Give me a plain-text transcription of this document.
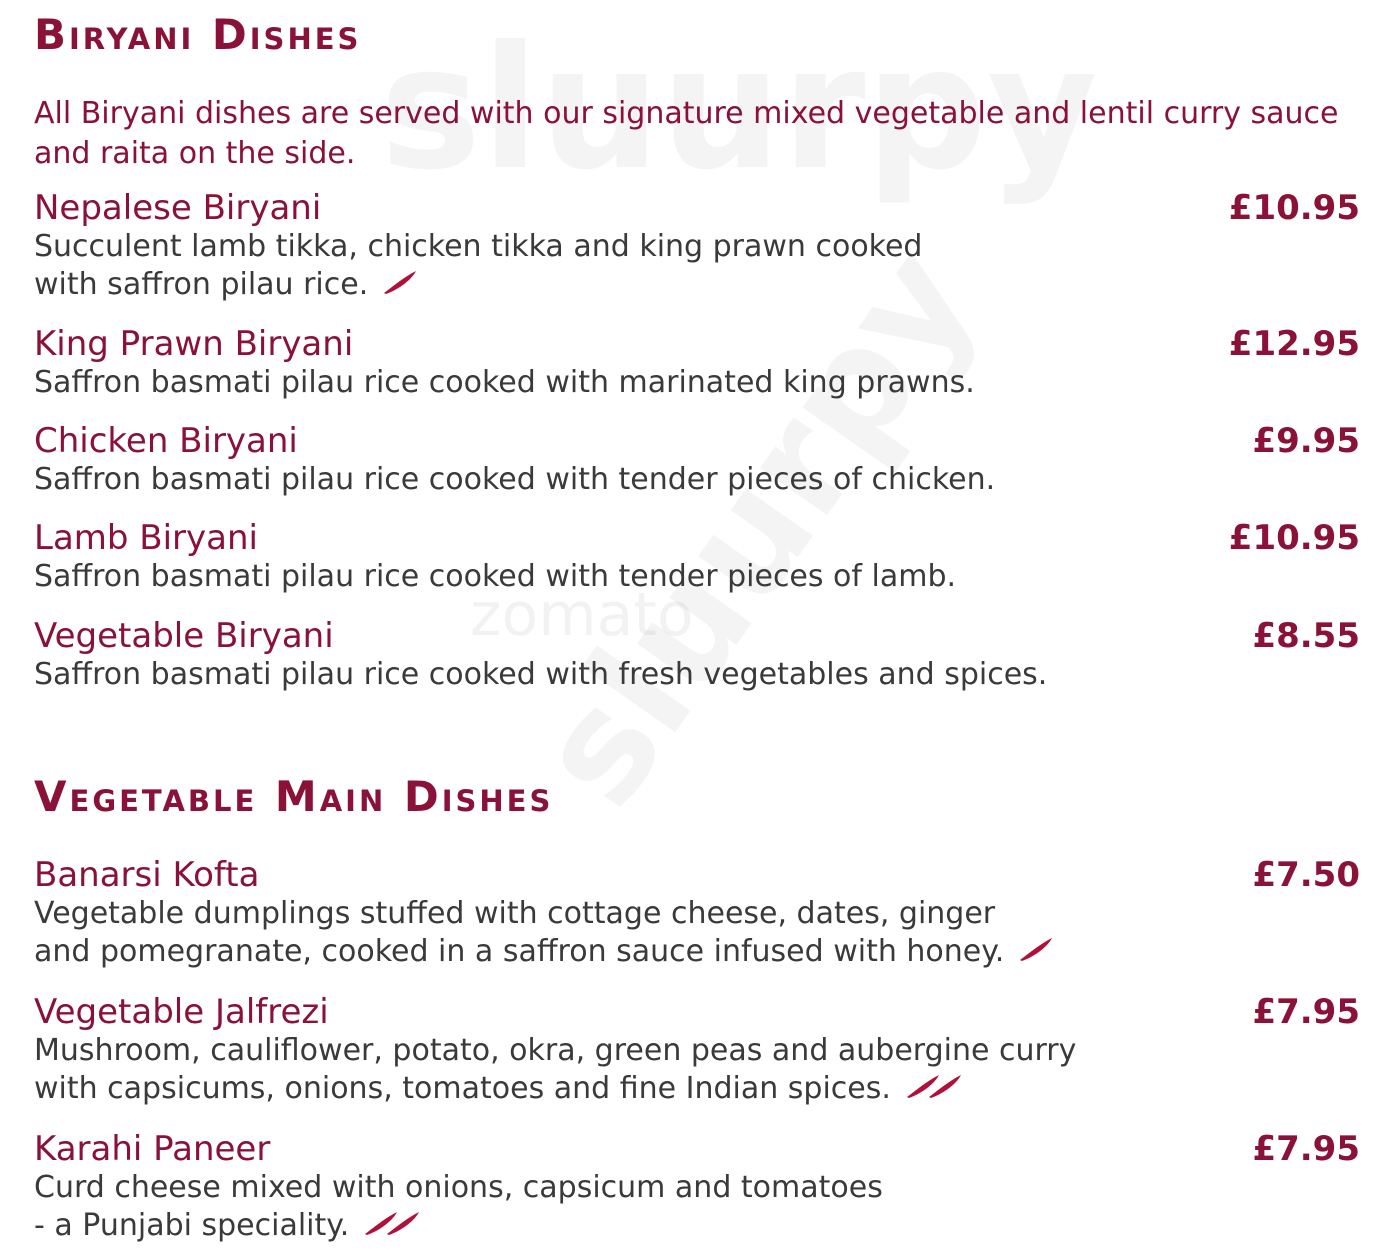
zomato
Biryani Dishes
All Biryani dishes are served with our signature mixed vegetable and lentil curry sauce and raita on the side.
Nepalese Biryani	£10.95
Succulent lamb tikka, chicken tikka and king prawn cooked
with saffron pilau rice.
King Prawn Biryani	£12.95
Saffron basmati pilau rice cooked with marinated king prawns.
Chicken Biryani	£9.95
Saffron basmati pilau rice cooked with tender pieces of chicken.
Lamb Biryani	£10.95
Saffron basmati pilau rice cooked with tender pieces of lamb.
Vegetable Biryani	£8.55
Saffron basmati pilau rice cooked with fresh vegetables and spices.
Vegetable Main Dishes
Banarsi Kofta	£7.50
Vegetable dumplings stuffed with cottage cheese, dates, ginger
and pomegranate, cooked in a saffron sauce infused with honey.
Vegetable Jalfrezi	£7.95
Mushroom, cauliflower, potato, okra, green peas and aubergine curry
with capsicums, onions, tomatoes and fine Indian spices.
Karahi Paneer	£7.95
Curd cheese mixed with onions, capsicum and tomatoes
- a Punjabi speciality.
